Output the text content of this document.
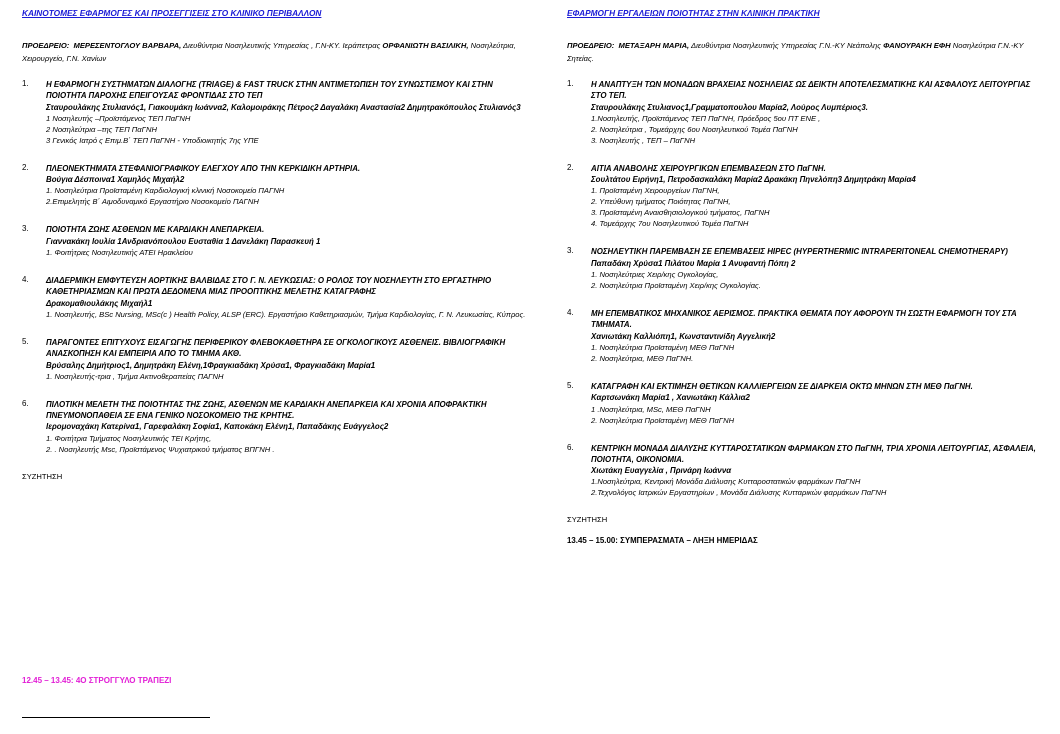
ΚΑΙΝΟΤΟΜΕΣ ΕΦΑΡΜΟΓΕΣ ΚΑΙ ΠΡΟΣΕΓΓΙΣΕΙΣ ΣΤΟ ΚΛΙΝΙΚΟ ΠΕΡΙΒΑΛΛΟΝ
ΠΡΟΕΔΡΕΙΟ: ΜΕΡΕΣΕΝΤΟΓΛΟΥ ΒΑΡΒΑΡΑ, Διευθύντρια Νοσηλευτικής Υπηρεσίας , Γ.Ν-ΚΥ. Ιεράπετρας ΟΡΦΑΝΙΩΤΗ ΒΑΣΙΛΙΚΗ, Νοσηλεύτρια, Χειρουργείο, Γ.Ν. Χανίων
1. Η ΕΦΑΡΜΟΓΗ ΣΥΣΤΗΜΑΤΩΝ ΔΙΑΛΟΓΗΣ (TRIAGE) & FAST TRUCK ΣΤΗΝ ΑΝΤΙΜΕΤΩΠΙΣΗ ΤΟΥ ΣΥΝΩΣΤΙΣΜΟΥ ΚΑΙ ΣΤΗΝ ΠΟΙΟΤΗΤΑ ΠΑΡΟΧΗΣ ΕΠΕΙΓΟΥΣΑΣ ΦΡΟΝΤΙΔΑΣ ΣΤΟ ΤΕΠ
Σταυρουλάκης Στυλιανός1, Γιακουμάκη Ιωάννα2, Καλομοιράκης Πέτρος2 Δαγαλάκη Αναστασία2 Δημητρακόπουλος Στυλιανός3
1 Νοσηλευτής –Προϊστάμενος ΤΕΠ ΠαΓΝΗ
2 Νοσηλεύτρια –της ΤΕΠ ΠαΓΝΗ
3 Γενικός Ιατρό ς Επιμ.Β΄ ΤΕΠ ΠαΓΝΗ - Υποδιοικητής 7ης ΥΠΕ
2. ΠΛΕΟΝΕΚΤΗΜΑΤΑ ΣΤΕΦΑΝΙΟΓΡΑΦΙΚΟΥ ΕΛΕΓΧΟΥ ΑΠΟ ΤΗΝ ΚΕΡΚΙΔΙΚΗ ΑΡΤΗΡΙΑ.
Βούγια Δέσποινα1 Χαμηλός Μιχαήλ2
1. Νοσηλεύτρια Προϊσταμένη Καρδιολογική κλινική Νοσοκομείο ΠΑΓΝΗ
2.Επιμελητής Β΄ Αιμοδυναμικό Εργαστήριο Νοσοκομείο ΠΑΓΝΗ
3. ΠΟΙΟΤΗΤΑ ΖΩΗΣ ΑΣΘΕΝΩΝ ΜΕ ΚΑΡΔΙΑΚΗ ΑΝΕΠΑΡΚΕΙΑ.
Γιαννακάκη Ιουλία 1Ανδριανόπουλου Ευσταθία 1 Δανελάκη Παρασκευή 1
1. Φοιτήτριες Νοσηλευτικής ΑΤΕΙ Ηρακλείου
4. ΔΙΑΔΕΡΜΙΚΗ ΕΜΦΥΤΕΥΣΗ ΑΟΡΤΙΚΗΣ ΒΑΛΒΙΔΑΣ ΣΤΟ Γ. Ν. ΛΕΥΚΩΣΙΑΣ: Ο ΡΟΛΟΣ ΤΟΥ ΝΟΣΗΛΕΥΤΗ ΣΤΟ ΕΡΓΑΣΤΗΡΙΟ ΚΑΘΕΤΗΡΙΑΣΜΩΝ ΚΑΙ ΠΡΩΤΑ ΔΕΔΟΜΕΝΑ ΜΙΑΣ ΠΡΟΟΠΤΙΚΗΣ ΜΕΛΕΤΗΣ ΚΑΤΑΓΡΑΦΗΣ
Δρακομαθιουλάκης Μιχαήλ1
1. Νοσηλευτής, BSc Nursing, MSc(c ) Health Policy, ALSP (ERC). Εργαστήριο Καθετηριασμών, Τμήμα Καρδιολογίας, Γ. Ν. Λευκωσίας, Κύπρος.
5. ΠΑΡΑΓΟΝΤΕΣ ΕΠΙΤΥΧΟΥΣ ΕΙΣΑΓΩΓΗΣ ΠΕΡΙΦΕΡΙΚΟΥ ΦΛΕΒΟΚΑΘΕΤΗΡΑ ΣΕ ΟΓΚΟΛΟΓΙΚΟΥΣ ΑΣΘΕΝΕΙΣ. ΒΙΒΛΙΟΓΡΑΦΙΚΗ ΑΝΑΣΚΟΠΗΣΗ ΚΑΙ ΕΜΠΕΙΡΙΑ ΑΠΟ ΤΟ ΤΜΗΜΑ ΑΚΘ.
Βρύσαλης Δημήτριος1, Δημητράκη Ελένη,1Φραγκιαδάκη Χρύσα1, Φραγκιαδάκη Μαρία1
1. Νοσηλευτής-τρια , Τμήμα Ακτινοθεραπείας ΠΑΓΝΗ
6. ΠΙΛΟΤΙΚΗ ΜΕΛΕΤΗ ΤΗΣ ΠΟΙΟΤΗΤΑΣ ΤΗΣ ΖΩΗΣ, ΑΣΘΕΝΩΝ ΜΕ ΚΑΡΔΙΑΚΗ ΑΝΕΠΑΡΚΕΙΑ ΚΑΙ ΧΡΟΝΙΑ ΑΠΟΦΡΑΚΤΙΚΗ ΠΝΕΥΜΟΝΟΠΑΘΕΙΑ ΣΕ ΕΝΑ ΓΕΝΙΚΟ ΝΟΣΟΚΟΜΕΙΟ ΤΗΣ ΚΡΗΤΗΣ.
Ιερομοναχάκη Κατερίνα1, Γαρεφαλάκη Σοφία1, Καποκάκη Ελένη1, Παπαδάκης Ευάγγελος2
1. Φοιτήτρια Τμήματος Νοσηλευτικής ΤΕΙ Κρήτης,
2. . Νοσηλευτής Msc, Προϊστάμενος Ψυχιατρικού τμήματος ΒΠΓΝΗ .
ΣΥΖΗΤΗΣΗ
ΕΦΑΡΜΟΓΗ ΕΡΓΑΛΕΙΩΝ ΠΟΙΟΤΗΤΑΣ ΣΤΗΝ ΚΛΙΝΙΚΗ ΠΡΑΚΤΙΚΗ
ΠΡΟΕΔΡΕΙΟ: ΜΕΤΑΞΑΡΗ ΜΑΡΙΑ, Διευθύντρια Νοσηλευτικής Υπηρεσίας Γ.Ν.-ΚΥ Νεάπολης ΦΑΝΟΥΡΑΚΗ ΕΦΗ Νοσηλεύτρια Γ.Ν.-ΚΥ Σητείας.
1. Η ΑΝΑΠΤΥΞΗ ΤΩΝ ΜΟΝΑΔΩΝ ΒΡΑΧΕΙΑΣ ΝΟΣΗΛΕΙΑΣ ΩΣ ΔΕΙΚΤΗ ΑΠΟΤΕΛΕΣΜΑΤΙΚΗΣ ΚΑΙ ΑΣΦΑΛΟΥΣ ΛΕΙΤΟΥΡΓΙΑΣ ΣΤΟ ΤΕΠ.
Σταυρουλάκης Στυλιανος1,Γραμματοπουλου Μαρία2, Λούρος Λυμπέριος3.
1.Νοσηλευτής, Προϊστάμενος ΤΕΠ ΠαΓΝΗ, Πρόεδρος 5ου ΠΤ ΕΝΕ ,
2. Νοσηλεύτρια , Τομεάρχης 6ου Νοσηλευτικού Τομέα ΠαΓΝΗ
3. Νοσηλευτής , ΤΕΠ – ΠαΓΝΗ
2. ΑΙΤΙΑ ΑΝΑΒΟΛΗΣ ΧΕΙΡΟΥΡΓΙΚΩΝ ΕΠΕΜΒΑΣΕΩΝ ΣΤΟ ΠαΓΝΗ.
Σουλτάτου Ειρήνη1, Πετροδασκαλάκη Μαρία2 Δρακάκη Πηνελόπη3 Δημητράκη Μαρία4
1. Προϊσταμένη Χειρουργείων ΠαΓΝΗ,
2. Υπεύθυνη τμήματος Ποιότητας ΠαΓΝΗ,
3. Προϊσταμένη Αναισθησιολογικού τμήματος, ΠαΓΝΗ
4. Τομεάρχης 7ου Νοσηλευτικού Τομέα ΠαΓΝΗ
3. ΝΟΣΗΛΕΥΤΙΚΗ ΠΑΡΕΜΒΑΣΗ ΣΕ ΕΠΕΜΒΑΣΕΙΣ HIPEC (HYPERTHERMIC INTRAPERITONEAL CHEMOTHERAPY)
Παπαδάκη Χρύσα1 Πιλάτου Μαρία 1 Ανυφαντή Πόπη 2
1. Νοσηλεύτριες Χειρ/κης Ογκολογίας,
2. Νοσηλεύτρια Προϊσταμένη Χειρ/κης Ογκολογίας.
4. ΜΗ ΕΠΕΜΒΑΤΙΚΟΣ ΜΗΧΑΝΙΚΟΣ ΑΕΡΙΣΜΟΣ. ΠΡΑΚΤΙΚΑ ΘΕΜΑΤΑ ΠΟΥ ΑΦΟΡΟΥΝ ΤΗ ΣΩΣΤΗ ΕΦΑΡΜΟΓΗ ΤΟΥ ΣΤΑ ΤΜΗΜΑΤΑ.
Χανιωτάκη Καλλιόπη1, Κωνσταντινίδη Αγγελική2
1. Νοσηλεύτρια Προϊσταμένη ΜΕΘ ΠαΓΝΗ
2. Νοσηλεύτρια, ΜΕΘ ΠαΓΝΗ.
5. ΚΑΤΑΓΡΑΦΗ ΚΑΙ ΕΚΤΙΜΗΣΗ ΘΕΤΙΚΩΝ ΚΑΛΛΙΕΡΓΕΙΩΝ ΣΕ ΔΙΑΡΚΕΙΑ ΟΚΤΩ ΜΗΝΩΝ ΣΤΗ ΜΕΘ ΠαΓΝΗ.
Καρτσωνάκη Μαρία1 , Χανιωτάκη Κάλλια2
1 .Νοσηλεύτρια, MSc, ΜΕΘ ΠαΓΝΗ
2. Νοσηλεύτρια Προϊσταμένη ΜΕΘ ΠαΓΝΗ
6. ΚΕΝΤΡΙΚΗ ΜΟΝΑΔΑ ΔΙΑΛΥΣΗΣ ΚΥΤΤΑΡΟΣΤΑΤΙΚΩΝ ΦΑΡΜΑΚΩΝ ΣΤΟ ΠαΓΝΗ, ΤΡΙΑ ΧΡΟΝΙΑ ΛΕΙΤΟΥΡΓΙΑΣ, ΑΣΦΑΛΕΙΑ, ΠΟΙΟΤΗΤΑ, ΟΙΚΟΝΟΜΙΑ.
Χιωτάκη Ευαγγελία , Πρινάρη Ιωάννα
1.Νοσηλεύτρια, Κεντρική Μονάδα Διάλυσης Κυτταροστατικών φαρμάκων ΠαΓΝΗ
2.Τεχνολόγος Ιατρικών Εργαστηρίων , Μονάδα Διάλυσης Κυτταρικών φαρμάκων ΠαΓΝΗ
ΣΥΖΗΤΗΣΗ
13.45 – 15.00: ΣΥΜΠΕΡΑΣΜΑΤΑ – ΛΗΞΗ ΗΜΕΡΙΔΑΣ
12.45 – 13.45: 4Ο ΣΤΡΟΓΓΥΛΟ ΤΡΑΠΕΖΙ
